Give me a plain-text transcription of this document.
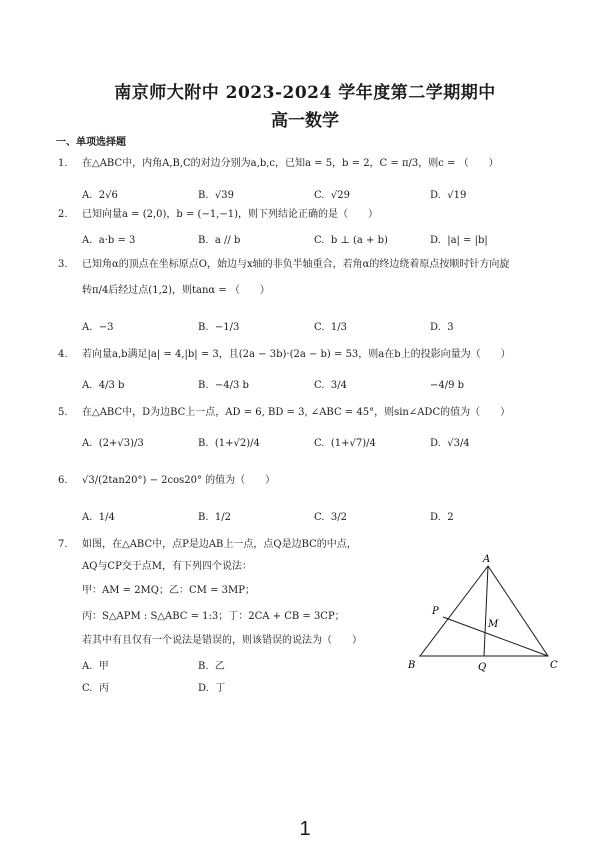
南京师大附中 2023-2024 学年度第二学期期中
高一数学
一、单项选择题
1. 在△ABC中，内角A,B,C的对边分别为a,b,c，已知a = 5，b = 2，C = π/3，则c = （　　）
A. 2√6	B. √39	C. √29	D. √19
2. 已知向量a = (2,0)，b = (−1,−1)，则下列结论正确的是（　　）
A. a·b = 3	B. a // b	C. b ⊥ (a + b)	D. |a| = |b|
3. 已知角α的顶点在坐标原点O，始边与x轴的非负半轴重合，若角α的终边绕着原点按顺时针方向旋
转π/4后经过点(1,2)，则tanα = （　　）
A. −3	B. −1/3	C. 1/3	D. 3
4. 若向量a,b满足|a| = 4,|b| = 3，且(2a − 3b)·(2a − b) = 53，则a在b上的投影向量为（　　）
A. 4/3 b	B. −4/3 b	C. 3/4	−4/9 b
5. 在△ABC中，D为边BC上一点，AD = 6, BD = 3, ∠ABC = 45°，则sin∠ADC的值为（　　）
A. (2+√3)/3	B. (1+√2)/4	C. (1+√7)/4	D. √3/4
6. √3/(2tan20°) − 2cos20° 的值为（　　）
A. 1/4	B. 1/2	C. 3/2	D. 2
7. 如图，在△ABC中，点P是边AB上一点，点Q是边BC的中点，
AQ与CP交于点M，有下列四个说法：
甲：AM = 2MQ；乙：CM = 3MP；
丙：S△APM : S△ABC = 1:3；丁：2CA + CB = 3CP；
若其中有且仅有一个说法是错误的，则该错误的说法为（　　）
A. 甲	B. 乙
C. 丙	D. 丁
A
P
M
B	Q	C
1
